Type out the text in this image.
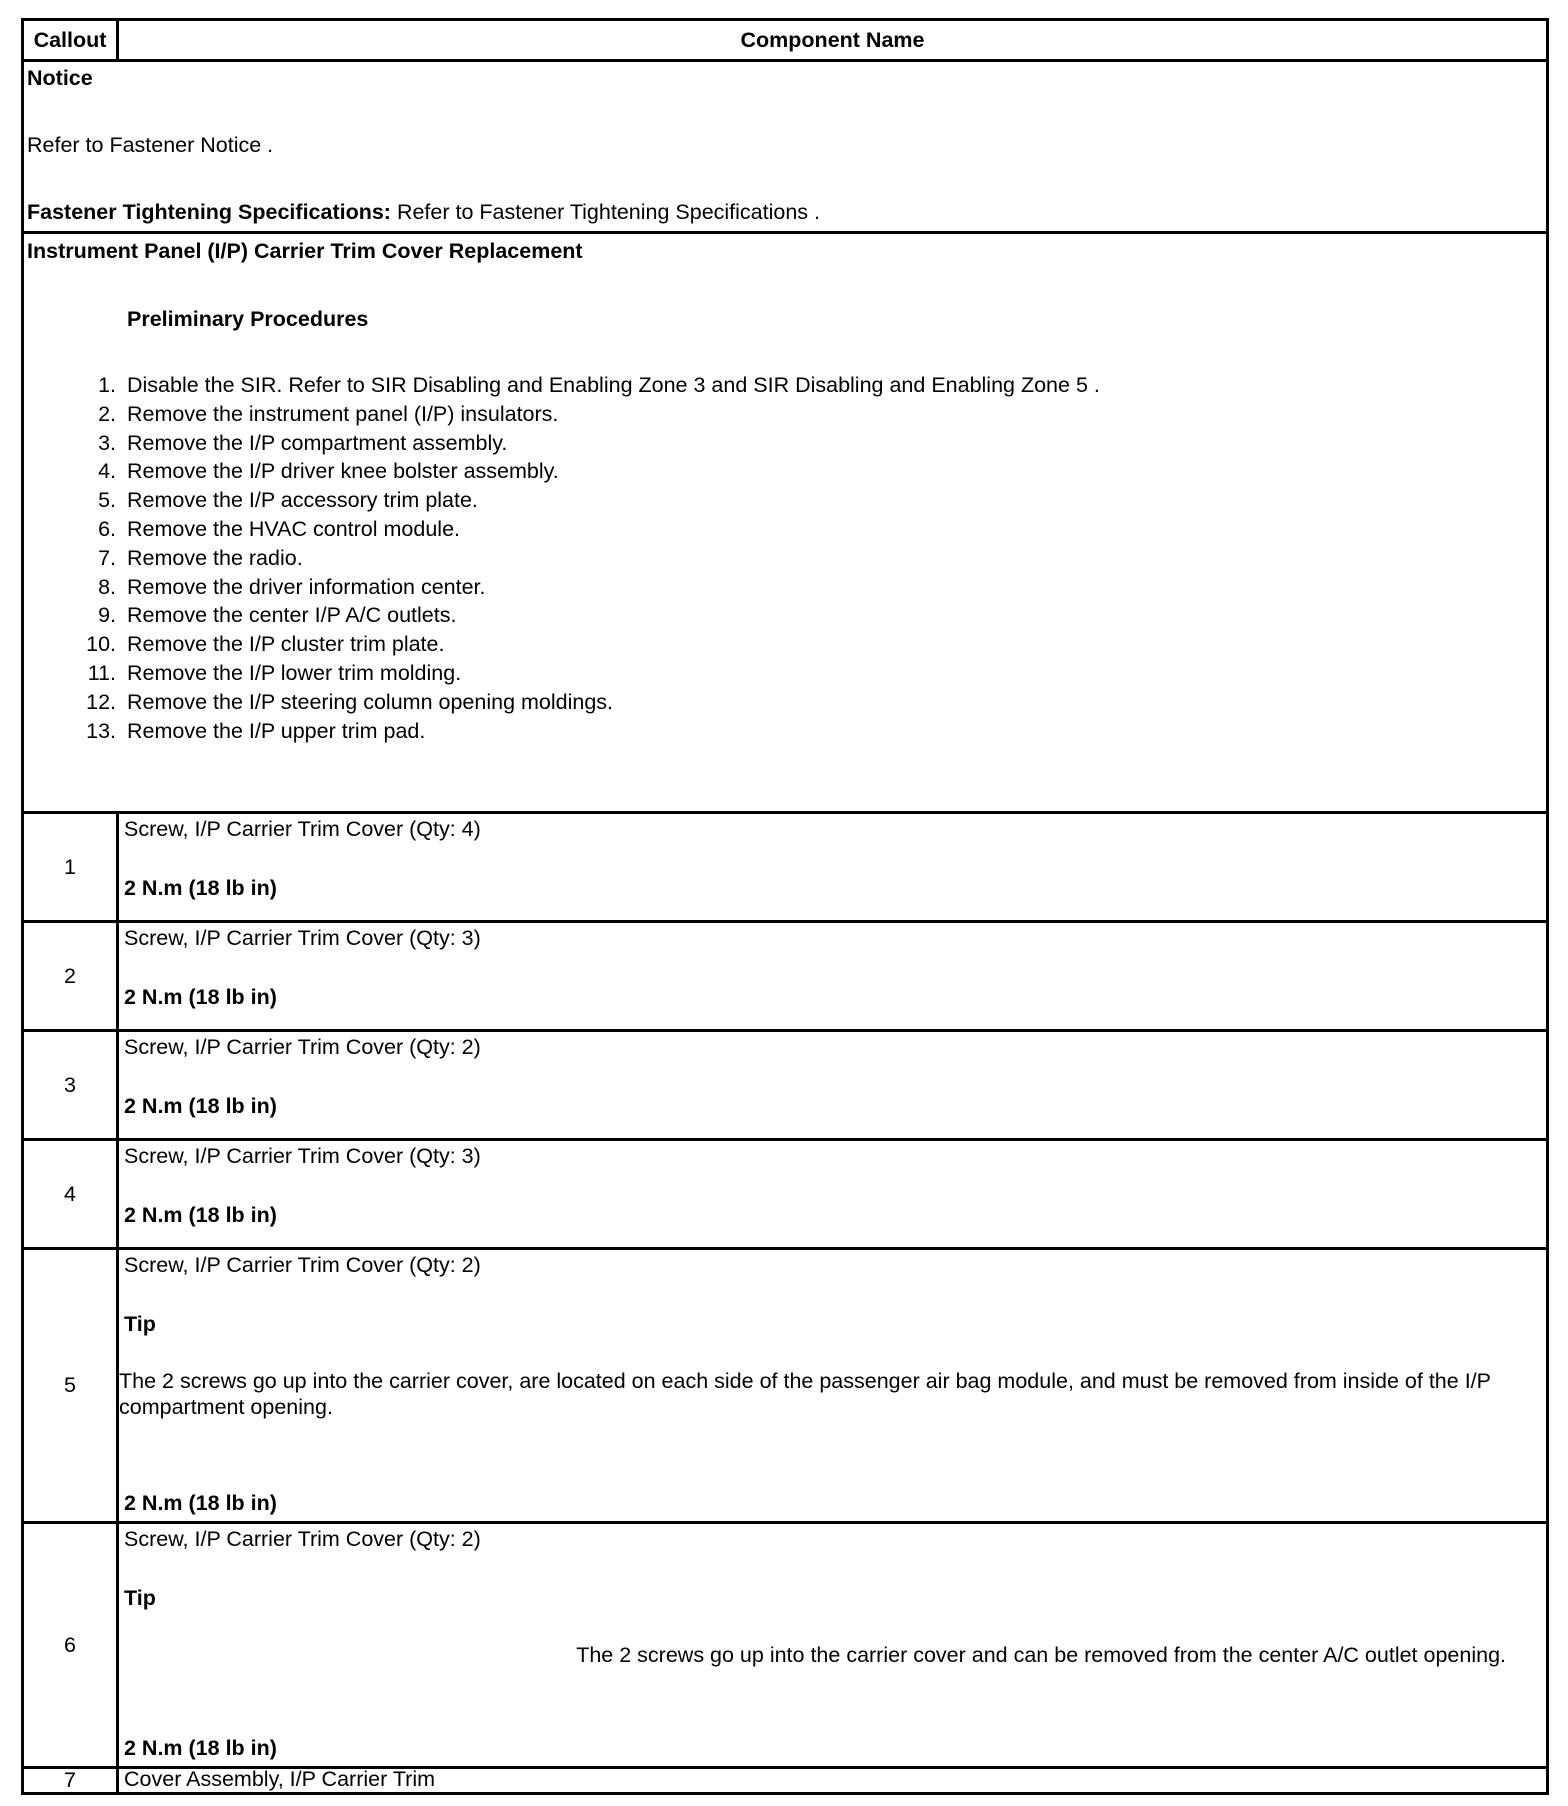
Callout	Component Name
Notice
Refer to Fastener Notice .
Fastener Tightening Specifications: Refer to Fastener Tightening Specifications .
Instrument Panel (I/P) Carrier Trim Cover Replacement
Preliminary Procedures
1. Disable the SIR. Refer to SIR Disabling and Enabling Zone 3 and SIR Disabling and Enabling Zone 5 .
2. Remove the instrument panel (I/P) insulators.
3. Remove the I/P compartment assembly.
4. Remove the I/P driver knee bolster assembly.
5. Remove the I/P accessory trim plate.
6. Remove the HVAC control module.
7. Remove the radio.
8. Remove the driver information center.
9. Remove the center I/P A/C outlets.
10. Remove the I/P cluster trim plate.
11. Remove the I/P lower trim molding.
12. Remove the I/P steering column opening moldings.
13. Remove the I/P upper trim pad.
1
Screw, I/P Carrier Trim Cover (Qty: 4)
2 N.m (18 lb in)
2
Screw, I/P Carrier Trim Cover (Qty: 3)
2 N.m (18 lb in)
3
Screw, I/P Carrier Trim Cover (Qty: 2)
2 N.m (18 lb in)
4
Screw, I/P Carrier Trim Cover (Qty: 3)
2 N.m (18 lb in)
5
Screw, I/P Carrier Trim Cover (Qty: 2)
Tip
The 2 screws go up into the carrier cover, are located on each side of the passenger air bag module, and must be removed from inside of the I/P compartment opening.
2 N.m (18 lb in)
6
Screw, I/P Carrier Trim Cover (Qty: 2)
Tip
The 2 screws go up into the carrier cover and can be removed from the center A/C outlet opening.
2 N.m (18 lb in)
7	Cover Assembly, I/P Carrier Trim
